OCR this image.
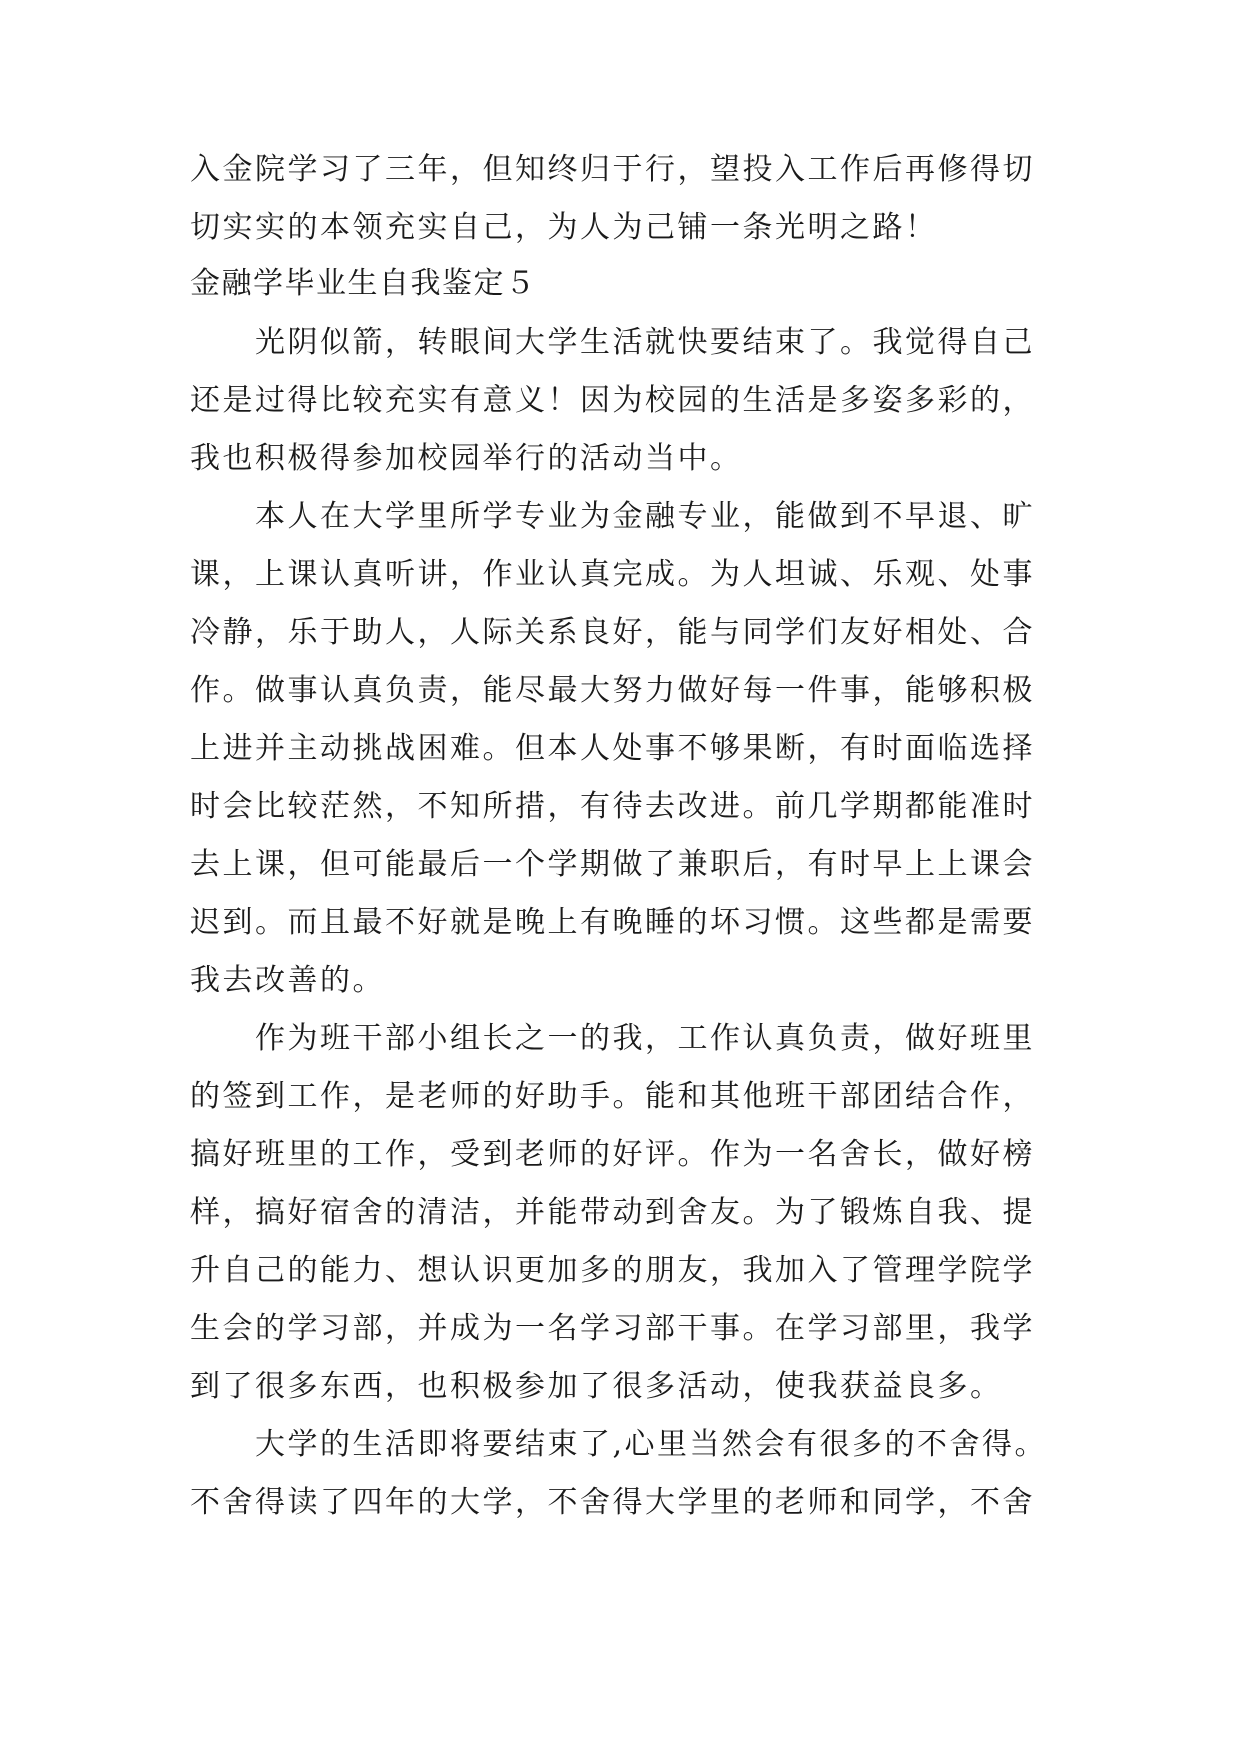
入金院学习了三年，但知终归于行，望投入工作后再修得切
切实实的本领充实自己，为人为己铺一条光明之路！
金融学毕业生自我鉴定５
光阴似箭，转眼间大学生活就快要结束了。我觉得自己
还是过得比较充实有意义！因为校园的生活是多姿多彩的，
我也积极得参加校园举行的活动当中。
本人在大学里所学专业为金融专业，能做到不早退、旷
课，上课认真听讲，作业认真完成。为人坦诚、乐观、处事
冷静，乐于助人，人际关系良好，能与同学们友好相处、合
作。做事认真负责，能尽最大努力做好每一件事，能够积极
上进并主动挑战困难。但本人处事不够果断，有时面临选择
时会比较茫然，不知所措，有待去改进。前几学期都能准时
去上课，但可能最后一个学期做了兼职后，有时早上上课会
迟到。而且最不好就是晚上有晚睡的坏习惯。这些都是需要
我去改善的。
作为班干部小组长之一的我，工作认真负责，做好班里
的签到工作，是老师的好助手。能和其他班干部团结合作，
搞好班里的工作，受到老师的好评。作为一名舍长，做好榜
样，搞好宿舍的清洁，并能带动到舍友。为了锻炼自我、提
升自己的能力、想认识更加多的朋友，我加入了管理学院学
生会的学习部，并成为一名学习部干事。在学习部里，我学
到了很多东西，也积极参加了很多活动，使我获益良多。
大学的生活即将要结束了,心里当然会有很多的不舍得。
不舍得读了四年的大学，不舍得大学里的老师和同学，不舍
